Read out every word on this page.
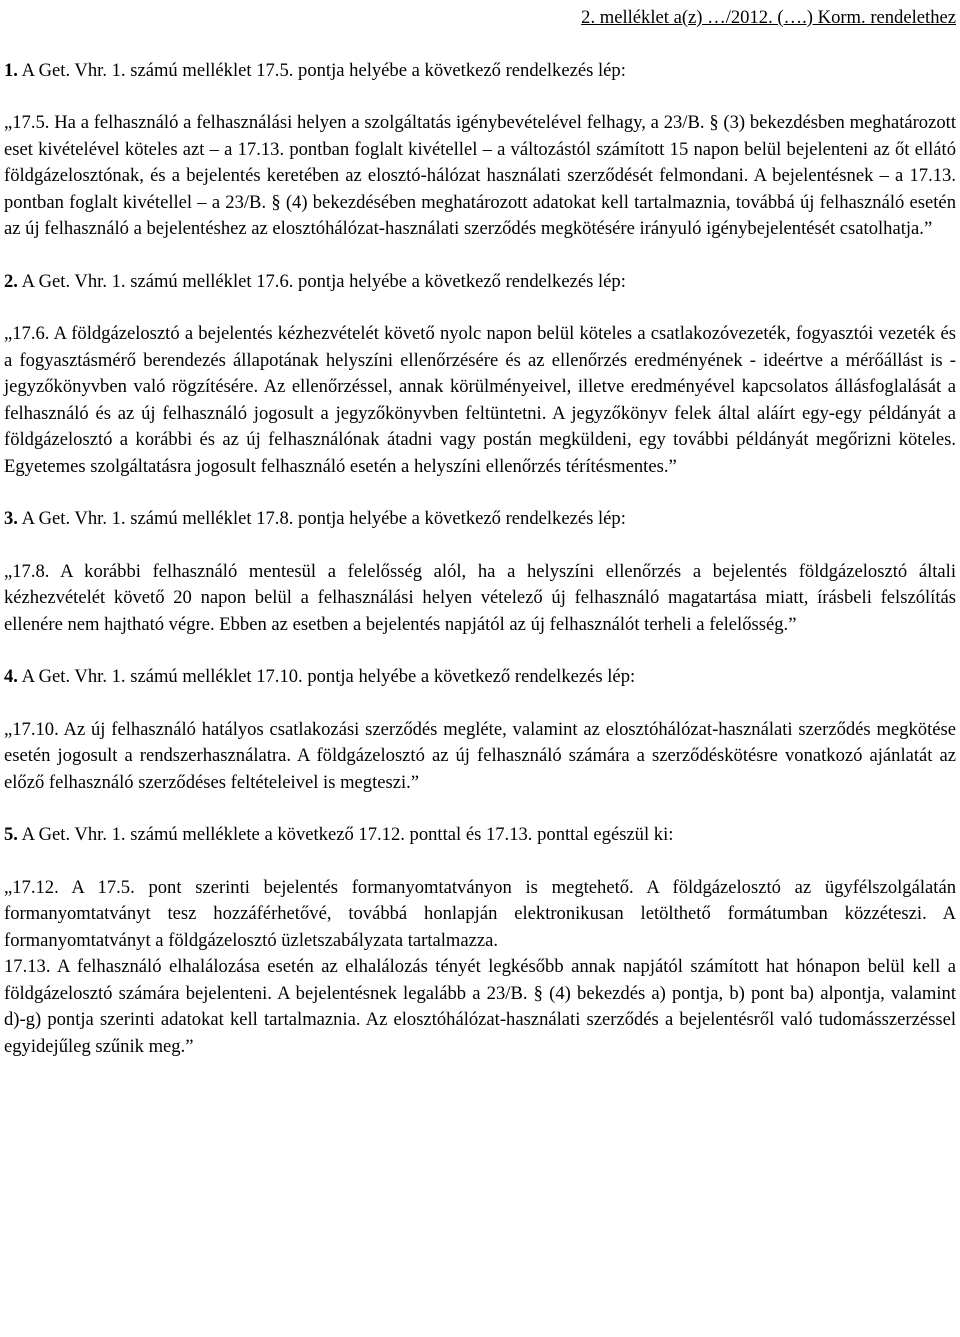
2. melléklet a(z) …/2012. (….) Korm. rendelethez
1. A Get. Vhr. 1. számú melléklet 17.5. pontja helyébe a következő rendelkezés lép:
„17.5. Ha a felhasználó a felhasználási helyen a szolgáltatás igénybevételével felhagy, a 23/B. § (3) bekezdésben meghatározott eset kivételével köteles azt – a 17.13. pontban foglalt kivétellel – a változástól számított 15 napon belül bejelenteni az őt ellátó földgázelosztónak, és a bejelentés keretében az elosztó-hálózat használati szerződését felmondani. A bejelentésnek – a 17.13. pontban foglalt kivétellel – a 23/B. § (4) bekezdésében meghatározott adatokat kell tartalmaznia, továbbá új felhasználó esetén az új felhasználó a bejelentéshez az elosztóhálózat-használati szerződés megkötésére irányuló igénybejelentését csatolhatja.”
2. A Get. Vhr. 1. számú melléklet 17.6. pontja helyébe a következő rendelkezés lép:
„17.6. A földgázelosztó a bejelentés kézhezvételét követő nyolc napon belül köteles a csatlakozóvezeték, fogyasztói vezeték és a fogyasztásmérő berendezés állapotának helyszíni ellenőrzésére és az ellenőrzés eredményének - ideértve a mérőállást is - jegyzőkönyvben való rögzítésére. Az ellenőrzéssel, annak körülményeivel, illetve eredményével kapcsolatos állásfoglalását a felhasználó és az új felhasználó jogosult a jegyzőkönyvben feltüntetni. A jegyzőkönyv felek által aláírt egy-egy példányát a földgázelosztó a korábbi és az új felhasználónak átadni vagy postán megküldeni, egy további példányát megőrizni köteles. Egyetemes szolgáltatásra jogosult felhasználó esetén a helyszíni ellenőrzés térítésmentes.”
3. A Get. Vhr. 1. számú melléklet 17.8. pontja helyébe a következő rendelkezés lép:
„17.8. A korábbi felhasználó mentesül a felelősség alól, ha a helyszíni ellenőrzés a bejelentés földgázelosztó általi kézhezvételét követő 20 napon belül a felhasználási helyen vételező új felhasználó magatartása miatt, írásbeli felszólítás ellenére nem hajtható végre. Ebben az esetben a bejelentés napjától az új felhasználót terheli a felelősség.”
4. A Get. Vhr. 1. számú melléklet 17.10. pontja helyébe a következő rendelkezés lép:
„17.10. Az új felhasználó hatályos csatlakozási szerződés megléte, valamint az elosztóhálózat-használati szerződés megkötése esetén jogosult a rendszerhasználatra. A földgázelosztó az új felhasználó számára a szerződéskötésre vonatkozó ajánlatát az előző felhasználó szerződéses feltételeivel is megteszi.”
5. A Get. Vhr. 1. számú melléklete a következő 17.12. ponttal és 17.13. ponttal egészül ki:
„17.12. A 17.5. pont szerinti bejelentés formanyomtatványon is megtehető. A földgázelosztó az ügyfélszolgálatán formanyomtatványt tesz hozzáférhetővé, továbbá honlapján elektronikusan letölthető formátumban közzéteszi. A formanyomtatványt a földgázelosztó üzletszabályzata tartalmazza.
17.13. A felhasználó elhalálozása esetén az elhalálozás tényét legkésőbb annak napjától számított hat hónapon belül kell a földgázelosztó számára bejelenteni. A bejelentésnek legalább a 23/B. § (4) bekezdés a) pontja, b) pont ba) alpontja, valamint d)-g) pontja szerinti adatokat kell tartalmaznia. Az elosztóhálózat-használati szerződés a bejelentésről való tudomásszerzéssel egyidejűleg szűnik meg.”
